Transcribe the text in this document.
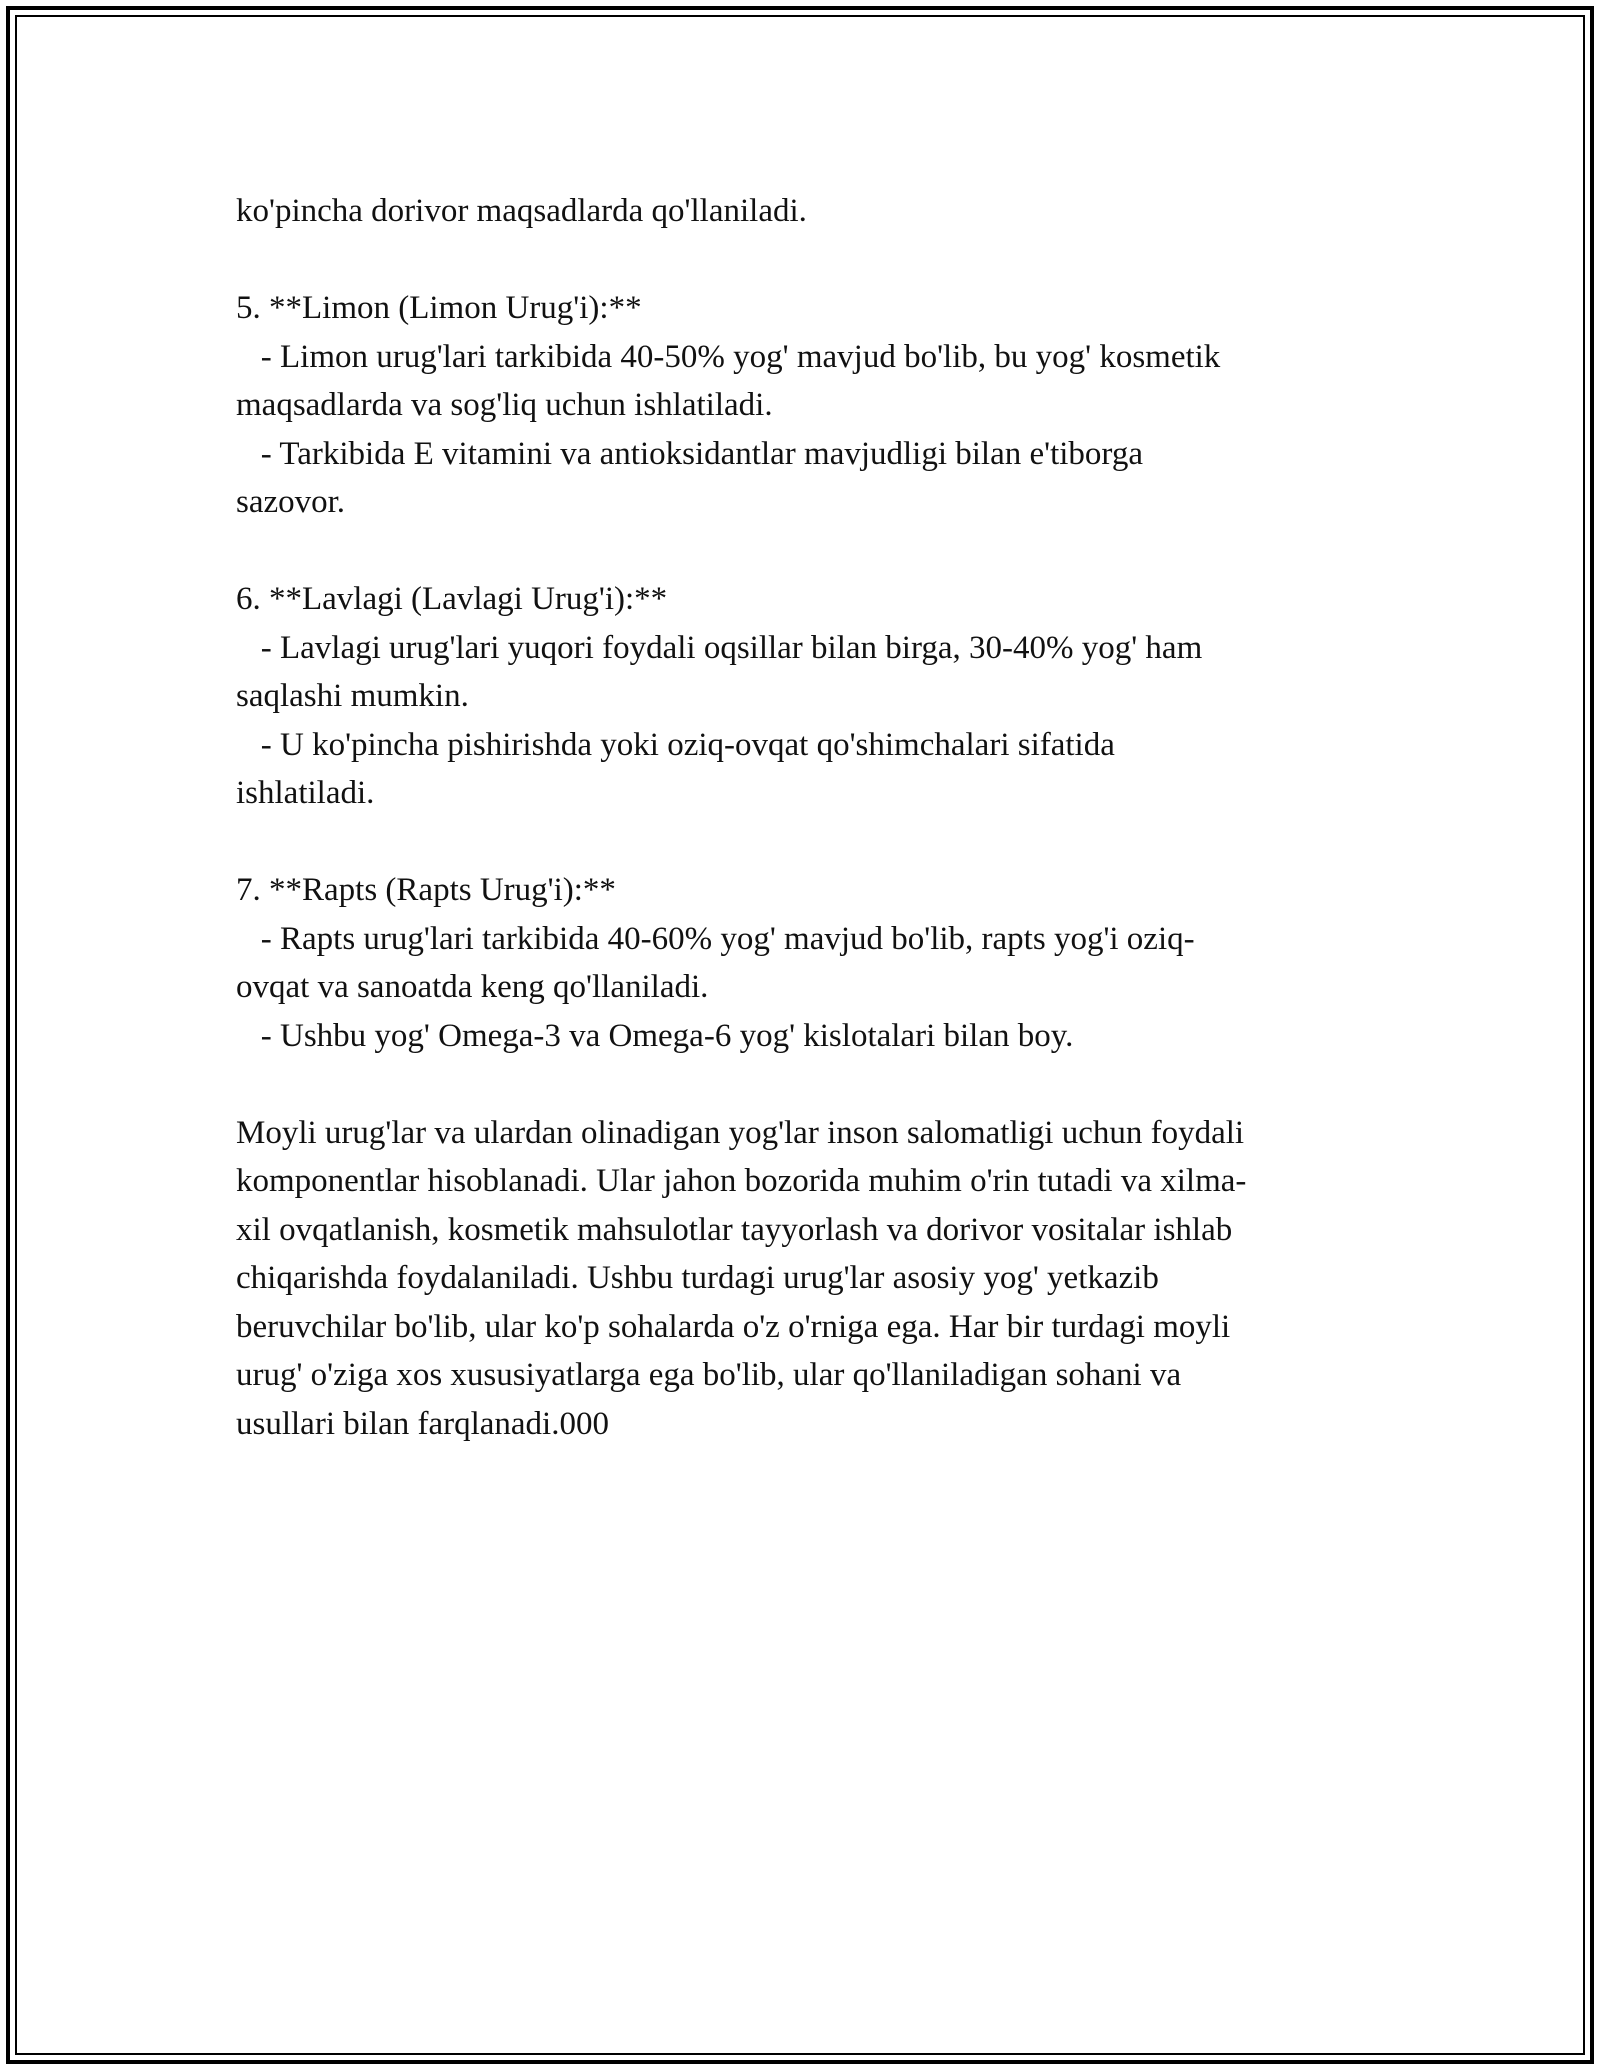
ko'pincha dorivor maqsadlarda qo'llaniladi.

5. **Limon (Limon Urug'i):**

- Limon urug'lari tarkibida 40-50% yog' mavjud bo'lib, bu yog' kosmetik

maqsadlarda va sog'liq uchun ishlatiladi.

- Tarkibida E vitamini va antioksidantlar mavjudligi bilan e'tiborga

sazovor.

6. **Lavlagi (Lavlagi Urug'i):**

- Lavlagi urug'lari yuqori foydali oqsillar bilan birga, 30-40% yog' ham

saqlashi mumkin.

- U ko'pincha pishirishda yoki oziq-ovqat qo'shimchalari sifatida

ishlatiladi.

7. **Rapts (Rapts Urug'i):**

- Rapts urug'lari tarkibida 40-60% yog' mavjud bo'lib, rapts yog'i oziq-

ovqat va sanoatda keng qo'llaniladi.

- Ushbu yog' Omega-3 va Omega-6 yog' kislotalari bilan boy.

Moyli urug'lar va ulardan olinadigan yog'lar inson salomatligi uchun foydali

komponentlar hisoblanadi. Ular jahon bozorida muhim o'rin tutadi va xilma-

xil ovqatlanish, kosmetik mahsulotlar tayyorlash va dorivor vositalar ishlab

chiqarishda foydalaniladi. Ushbu turdagi urug'lar asosiy yog' yetkazib

beruvchilar bo'lib, ular ko'p sohalarda o'z o'rniga ega. Har bir turdagi moyli

urug' o'ziga xos xususiyatlarga ega bo'lib, ular qo'llaniladigan sohani va

usullari bilan farqlanadi.000
